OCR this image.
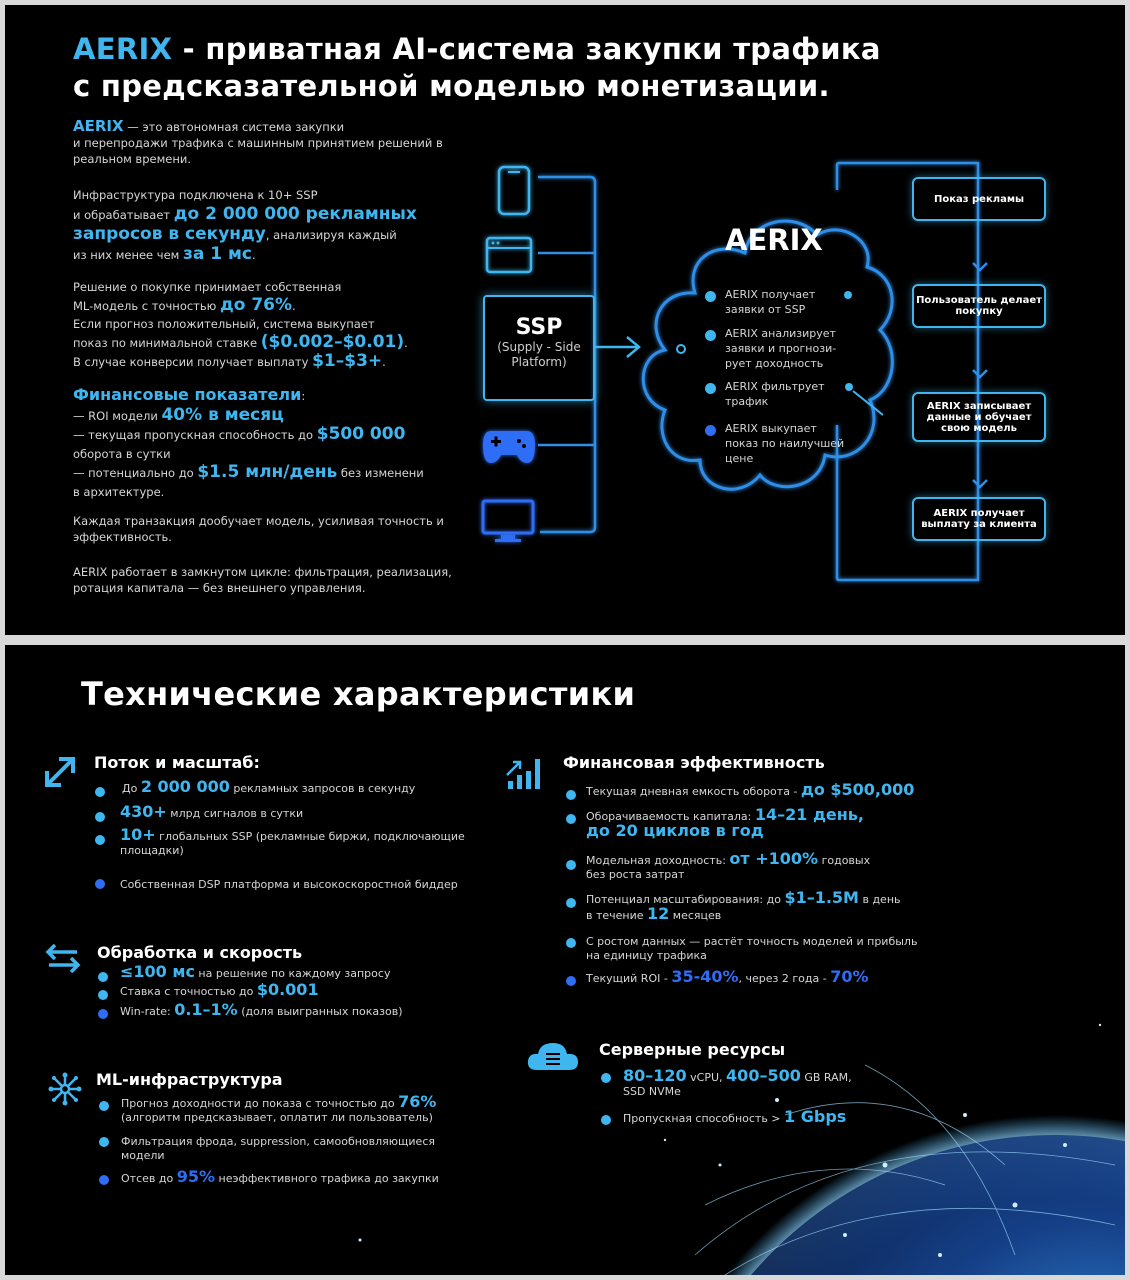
AERIX - приватная AI-система закупки трафика
с предсказательной моделью монетизации.
AERIX — это автономная система закупки
и перепродажи трафика с машинным принятием решений в
реальном времени.
Инфраструктура подключена к 10+ SSP
и обрабатывает до 2 000 000 рекламных
запросов в секунду, анализируя каждый
из них менее чем за 1 мс.
Решение о покупке принимает собственная
ML-модель с точностью до 76%.
Если прогноз положительный, система выкупает
показ по минимальной ставке ($0.002–$0.01).
В случае конверсии получает выплату $1–$3+.
Финансовые показатели:
— ROI модели 40% в месяц
— текущая пропускная способность до $500 000
оборота в сутки
— потенциально до $1.5 млн/день без изменени
в архитектуре.
Каждая транзакция дообучает модель, усиливая точность и
эффективность.
AERIX работает в замкнутом цикле: фильтрация, реализация,
ротация капитала — без внешнего управления.
SSP
(Supply - Side Platform)
AERIX
AERIX получает заявки от SSP
AERIX анализирует заявки и прогнози-рует доходность
AERIX фильтрует трафик
AERIX выкупает показ по наилучшей цене
Показ рекламы
Пользователь делает покупку
AERIX записывает данные и обучает свою модель
AERIX получает выплату за клиента
Технические характеристики
Поток и масштаб:
До 2 000 000 рекламных запросов в секунду
430+ млрд сигналов в сутки
10+ глобальных SSP (рекламные биржи, подключающие
площадки)
Собственная DSP платформа и высокоскоростной биддер
Обработка и скорость
≤100 мс на решение по каждому запросу
Ставка с точностью до $0.001
Win-rate: 0.1–1% (доля выигранных показов)
ML-инфраструктура
Прогноз доходности до показа с точностью до 76%
(алгоритм предсказывает, оплатит ли пользователь)
Фильтрация фрода, suppression, самообновляющиеся
модели
Отсев до 95% неэффективного трафика до закупки
Финансовая эффективность
Текущая дневная емкость оборота - до $500,000
Оборачиваемость капитала: 14–21 день,
до 20 циклов в год
Модельная доходность: от +100% годовых
без роста затрат
Потенциал масштабирования: до $1–1.5M в день
в течение 12 месяцев
С ростом данных — растёт точность моделей и прибыль
на единицу трафика
Текущий ROI - 35-40%, через 2 года - 70%
Серверные ресурсы
80–120 vCPU, 400–500 GB RAM,
SSD NVMe
Пропускная способность > 1 Gbps
